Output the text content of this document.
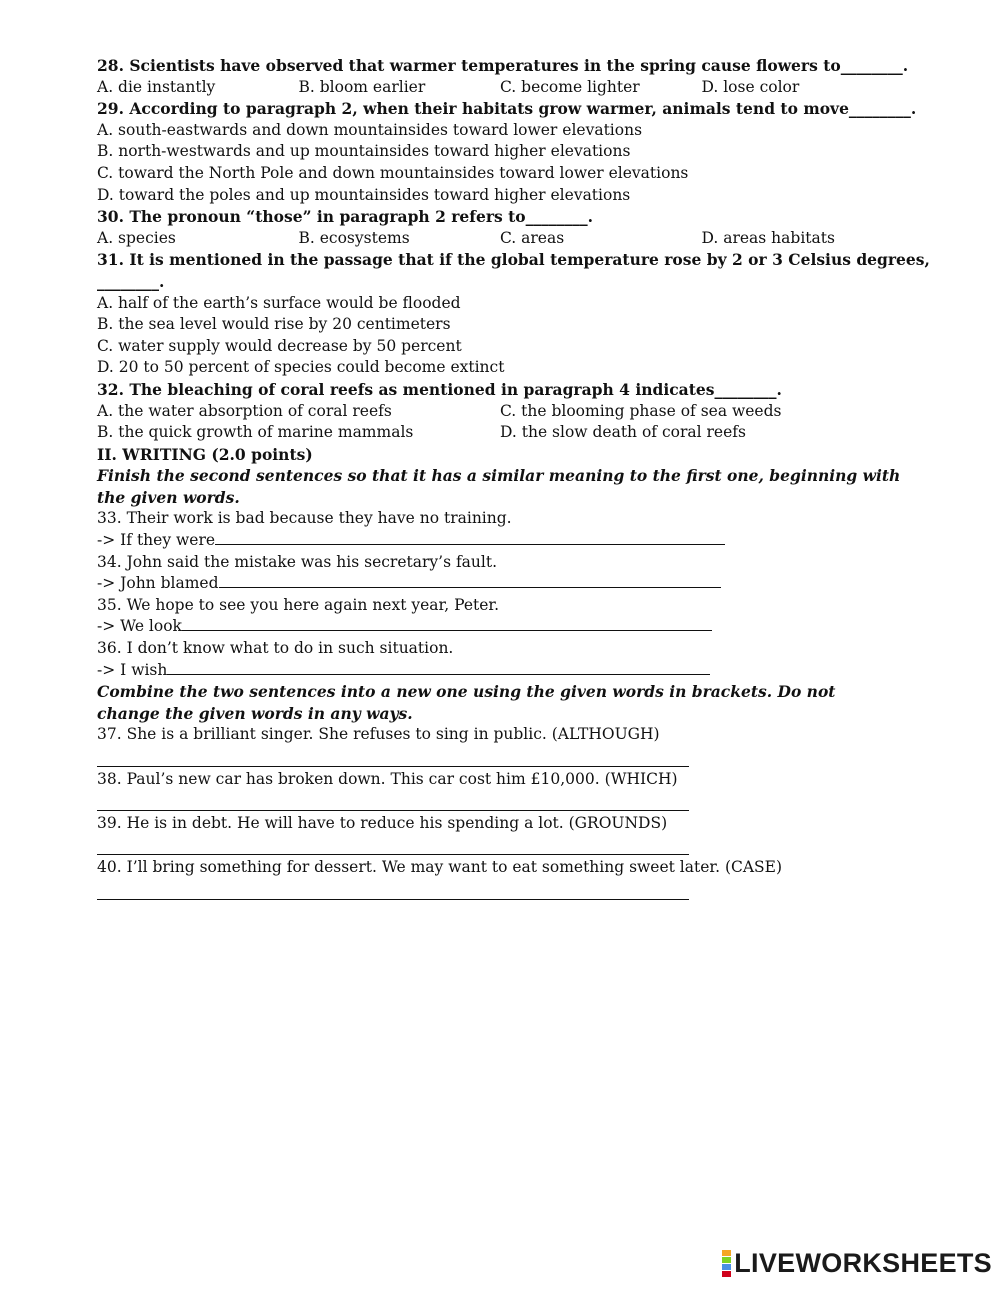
28. Scientists have observed that warmer temperatures in the spring cause flowers to________.
A. die instantly	B. bloom earlier	C. become lighter	D. lose color
29. According to paragraph 2, when their habitats grow warmer, animals tend to move________.
A. south-eastwards and down mountainsides toward lower elevations
B. north-westwards and up mountainsides toward higher elevations
C. toward the North Pole and down mountainsides toward lower elevations
D. toward the poles and up mountainsides toward higher elevations
30. The pronoun “those” in paragraph 2 refers to________.
A. species	B. ecosystems	C. areas	D. areas habitats
31. It is mentioned in the passage that if the global temperature rose by 2 or 3 Celsius degrees,
________.
A. half of the earth’s surface would be flooded
B. the sea level would rise by 20 centimeters
C. water supply would decrease by 50 percent
D. 20 to 50 percent of species could become extinct
32. The bleaching of coral reefs as mentioned in paragraph 4 indicates________.
A. the water absorption of coral reefs	C. the blooming phase of sea weeds
B. the quick growth of marine mammals	D. the slow death of coral reefs
II. WRITING (2.0 points)
Finish the second sentences so that it has a similar meaning to the first one, beginning with the given words.
33. Their work is bad because they have no training.
-> If they were
34. John said the mistake was his secretary’s fault.
-> John blamed
35. We hope to see you here again next year, Peter.
-> We look
36. I don’t know what to do in such situation.
-> I wish
Combine the two sentences into a new one using the given words in brackets. Do not change the given words in any ways.
37. She is a brilliant singer. She refuses to sing in public. (ALTHOUGH)
38. Paul’s new car has broken down. This car cost him £10,000. (WHICH)
39. He is in debt. He will have to reduce his spending a lot. (GROUNDS)
40. I’ll bring something for dessert. We may want to eat something sweet later. (CASE)
LIVEWORKSHEETS
